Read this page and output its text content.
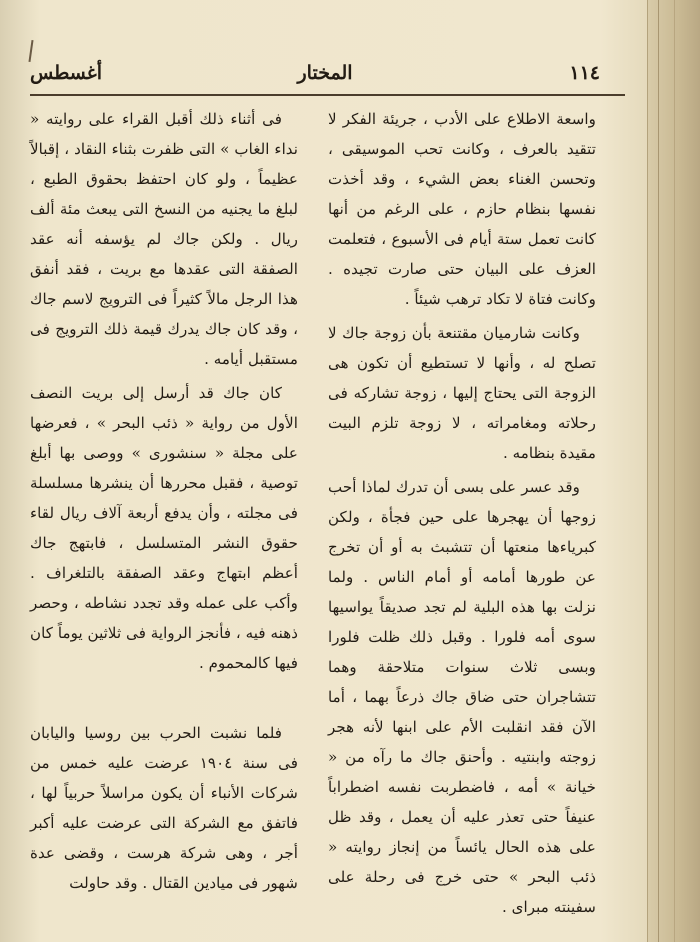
١١٤
المختار
أغسطس

واسعة الاطلاع على الأدب ، جريئة الفكر لا تتقيد بالعرف ، وكانت تحب الموسيقى ، وتحسن الغناء بعض الشيء ، وقد أخذت نفسها بنظام حازم ، على الرغم من أنها كانت تعمل ستة أيام فى الأسبوع ، فتعلمت العزف على البيان حتى صارت تجيده . وكانت فتاة لا تكاد ترهب شيئاً .

وكانت شارميان مقتنعة بأن زوجة جاك لا تصلح له ، وأنها لا تستطيع أن تكون هى الزوجة التى يحتاج إليها ، زوجة تشاركه فى رحلاته ومغامراته ، لا زوجة تلزم البيت مقيدة بنظامه .

وقد عسر على بسى أن تدرك لماذا أحب زوجها أن يهجرها على حين فجأة ، ولكن كبرياءها منعتها أن تتشبث به أو أن تخرج عن طورها أمامه أو أمام الناس . ولما نزلت بها هذه البلية لم تجد صديقاً يواسيها سوى أمه فلورا . وقبل ذلك ظلت فلورا وبسى ثلاث سنوات متلاحقة وهما تتشاجران حتى ضاق جاك ذرعاً بهما ، أما الآن فقد انقلبت الأم على ابنها لأنه هجر زوجته وابنتيه . وأحنق جاك ما رآه من « خيانة » أمه ، فاضطربت نفسه اضطراباً عنيفاً حتى تعذر عليه أن يعمل ، وقد ظل على هذه الحال يائساً من إنجاز روايته « ذئب البحر » حتى خرج فى رحلة على سفينته مبراى .

فى أثناء ذلك أقبل القراء على روايته « نداء الغاب » التى ظفرت بثناء النقاد ، إقبالاً عظيماً ، ولو كان احتفظ بحقوق الطبع ، لبلغ ما يجنيه من النسخ التى يبعث مئة ألف ريال . ولكن جاك لم يؤسفه أنه عقد الصفقة التى عقدها مع بريت ، فقد أنفق هذا الرجل مالاً كثيراً فى الترويج لاسم جاك ، وقد كان جاك يدرك قيمة ذلك الترويج فى مستقبل أيامه .

كان جاك قد أرسل إلى بريت النصف الأول من رواية « ذئب البحر » ، فعرضها على مجلة « سنشورى » ووصى بها أبلغ توصية ، فقبل محررها أن ينشرها مسلسلة فى مجلته ، وأن يدفع أربعة آلاف ريال لقاء حقوق النشر المتسلسل ، فابتهج جاك أعظم ابتهاج وعقد الصفقة بالتلغراف . وأكب على عمله وقد تجدد نشاطه ، وحصر ذهنه فيه ، فأنجز الرواية فى ثلاثين يوماً كان فيها كالمحموم .

فلما نشبت الحرب بين روسيا واليابان فى سنة ١٩٠٤ عرضت عليه خمس من شركات الأنباء أن يكون مراسلاً حربياً لها ، فاتفق مع الشركة التى عرضت عليه أكبر أجر ، وهى شركة هرست ، وقضى عدة شهور فى ميادين القتال . وقد حاولت
